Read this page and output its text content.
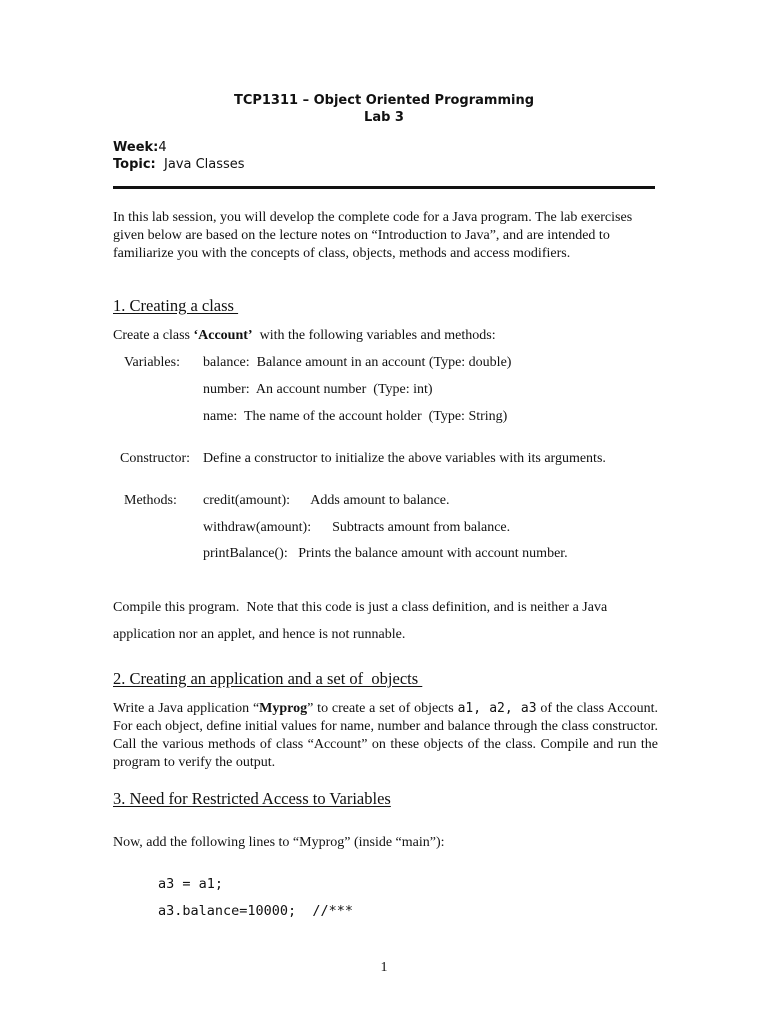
TCP1311 – Object Oriented Programming
Lab 3
Week:4
Topic: Java Classes
In this lab session, you will develop the complete code for a Java program. The lab exercises given below are based on the lecture notes on “Introduction to Java”, and are intended to familiarize you with the concepts of class, objects, methods and access modifiers.
1. Creating a class
Create a class ‘Account’  with the following variables and methods:
Variables: balance:  Balance amount in an account (Type: double)
number:  An account number  (Type: int)
name:  The name of the account holder  (Type: String)
Constructor: Define a constructor to initialize the above variables with its arguments.
Methods: credit(amount):      Adds amount to balance.
withdraw(amount):      Subtracts amount from balance.
printBalance():   Prints the balance amount with account number.
Compile this program.  Note that this code is just a class definition, and is neither a Java
application nor an applet, and hence is not runnable.
2. Creating an application and a set of  objects
Write a Java application “Myprog” to create a set of objects a1, a2, a3 of the class Account. For each object, define initial values for name, number and balance through the class constructor. Call the various methods of class “Account” on these objects of the class. Compile and run the program to verify the output.
3. Need for Restricted Access to Variables
Now, add the following lines to “Myprog” (inside “main”):
a3 = a1;
a3.balance=10000;  //***
1
